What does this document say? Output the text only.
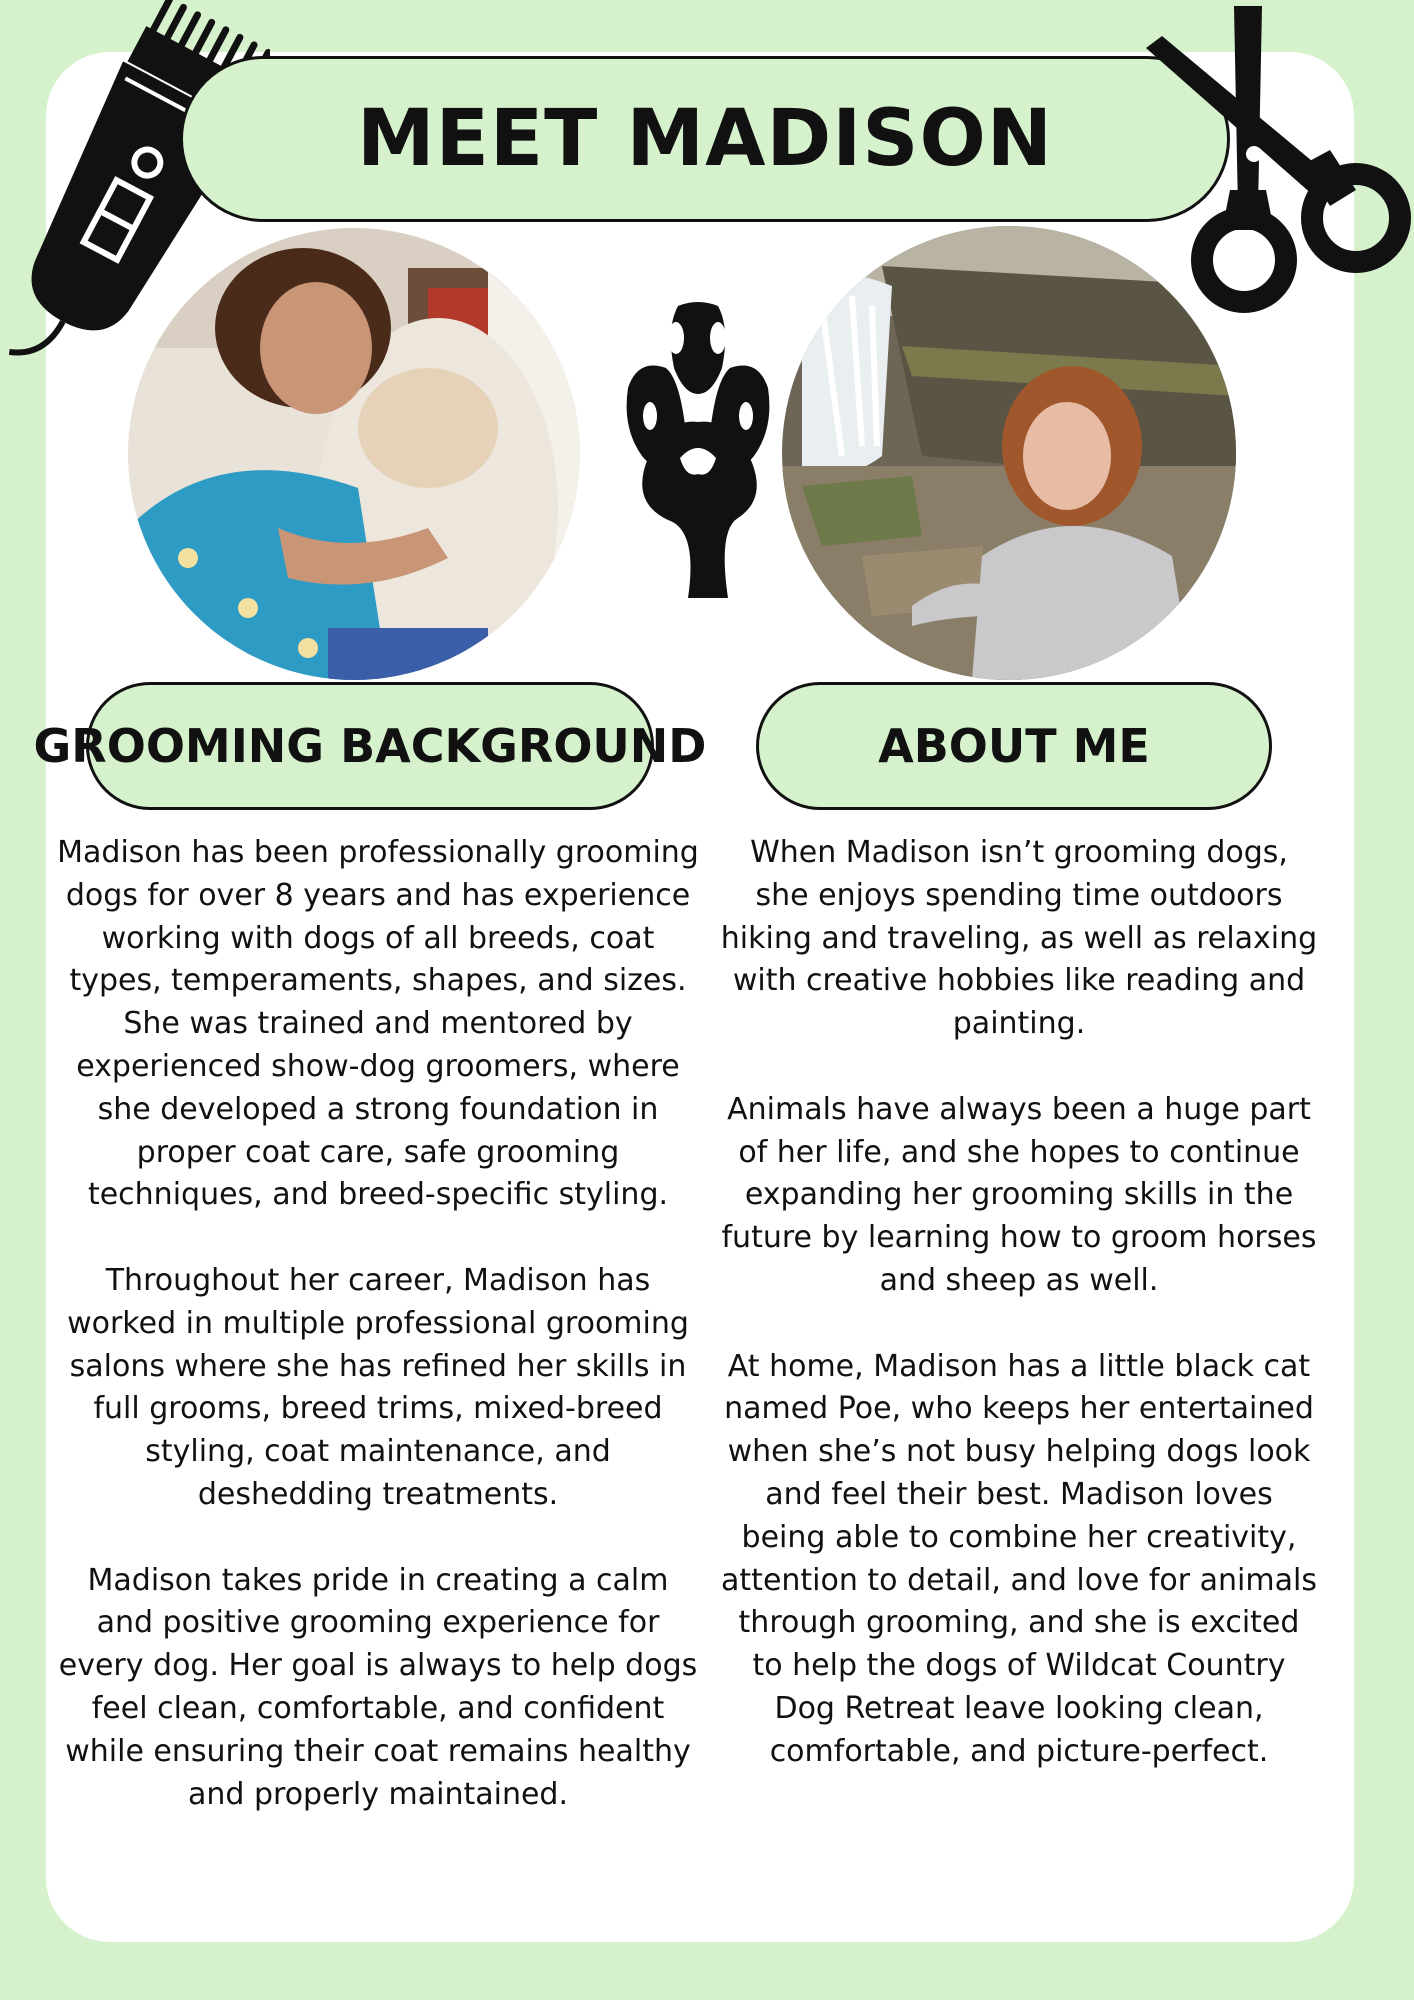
MEET MADISON
GROOMING BACKGROUND	ABOUT ME

Madison has been professionally grooming dogs for over 8 years and has experience working with dogs of all breeds, coat types, temperaments, shapes, and sizes. She was trained and mentored by experienced show-dog groomers, where she developed a strong foundation in proper coat care, safe grooming techniques, and breed-specific styling.

Throughout her career, Madison has worked in multiple professional grooming salons where she has refined her skills in full grooms, breed trims, mixed-breed styling, coat maintenance, and deshedding treatments.

Madison takes pride in creating a calm and positive grooming experience for every dog. Her goal is always to help dogs feel clean, comfortable, and confident while ensuring their coat remains healthy and properly maintained.

When Madison isn’t grooming dogs, she enjoys spending time outdoors hiking and traveling, as well as relaxing with creative hobbies like reading and painting.

Animals have always been a huge part of her life, and she hopes to continue expanding her grooming skills in the future by learning how to groom horses and sheep as well.

At home, Madison has a little black cat named Poe, who keeps her entertained when she’s not busy helping dogs look and feel their best. Madison loves being able to combine her creativity, attention to detail, and love for animals through grooming, and she is excited to help the dogs of Wildcat Country Dog Retreat leave looking clean, comfortable, and picture-perfect.
